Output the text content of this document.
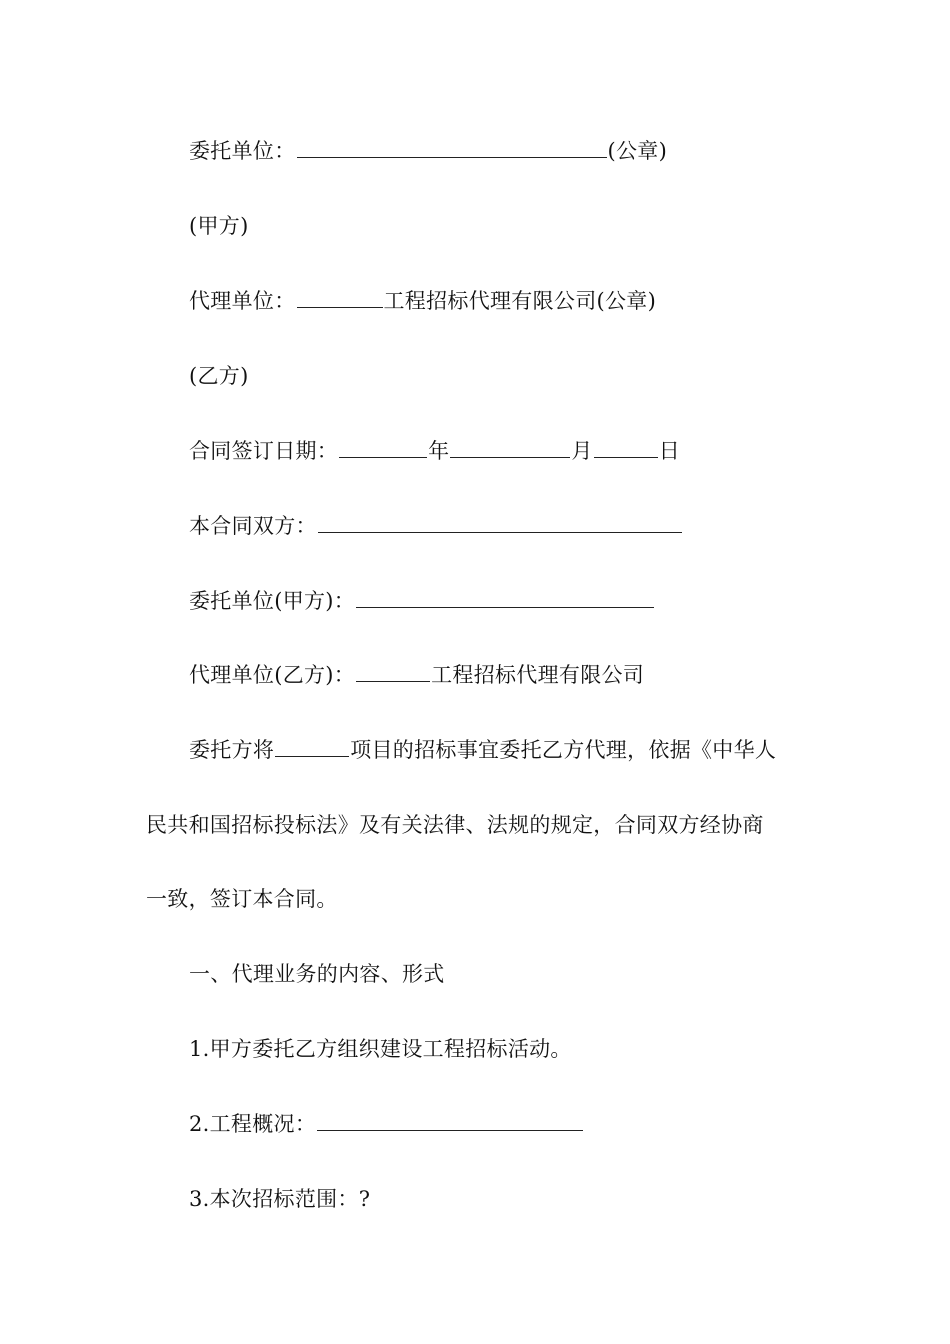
委托单位：	(公章)
(甲方)
代理单位：	工程招标代理有限公司(公章)
(乙方)
合同签订日期：	年	月	日
本合同双方：
委托单位(甲方)：
代理单位(乙方)：	工程招标代理有限公司
委托方将	项目的招标事宜委托乙方代理，依据《中华人
民共和国招标投标法》及有关法律、法规的规定，合同双方经协商
一致，签订本合同。
一、代理业务的内容、形式
1.甲方委托乙方组织建设工程招标活动。
2.工程概况：
3.本次招标范围：?
